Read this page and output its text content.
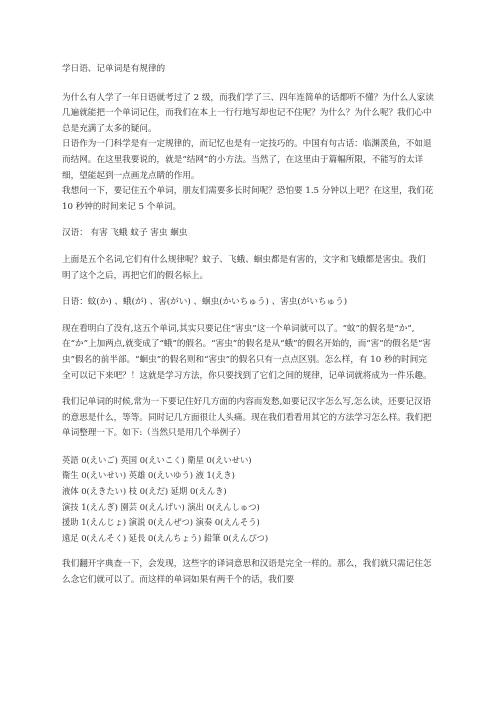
学日语、记单词是有规律的

为什么有人学了一年日语就考过了 2 级，而我们学了三、四年连简单的话都听不懂？为什么人家读几遍就能把一个单词记住，而我们在本上一行行地写却也记不住呢？为什么？为什么呢？我们心中总是充满了太多的疑问。

日语作为一门科学是有一定规律的，而记忆也是有一定技巧的。中国有句古话：临渊羡鱼，不如退而结网。在这里我要说的，就是“结网”的小方法。当然了，在这里由于篇幅所限，不能写的太详细，望能起到一点画龙点睛的作用。

我想问一下，要记住五个单词，朋友们需要多长时间呢？恐怕要 1.5 分钟以上吧？在这里，我们花 10 秒钟的时间来记 5 个单词。

汉语： 有害 飞蛾 蚊子 害虫 蛔虫

上面是五个名词,它们有什么规律呢？蚊子、飞蛾、蛔虫都是有害的，文字和飞蛾都是害虫。我们明了这个之后，再把它们的假名标上。

日语：蚊(か) 、蛾(が) 、害(がい) 、蛔虫(かいちゅう) 、害虫(がいちゅう)

现在看明白了没有,这五个单词,其实只要记住“害虫”这一个单词就可以了。“蚊”的假名是“か”,在“か”上加两点,就变成了“蛾”的假名。“害虫”的假名是从“蛾”的假名开始的，而“害”的假名是“害虫”假名的前半部。“蛔虫”的假名则和“害虫”的假名只有一点点区别。怎么样，有 10 秒的时间完全可以记下来吧？！这就是学习方法，你只要找到了它们之间的规律，记单词就将成为一件乐趣。

我们记单词的时候,常为一下要记住好几方面的内容而发愁,如要记汉字怎么写,怎么读，还要记汉语的意思是什么，等等。同时记几方面很让人头痛。现在我们看看用其它的方法学习怎么样。我们把单词整理一下。如下:（当然只是用几个举例子）

英語 0(えいご) 英国 0(えいこく) 衛星 0(えいせい)

衛生 0(えいせい) 英雄 0(えいゆう) 液 1(えき)

液体 0(えきたい) 枝 0(えだ) 延期 0(えんき)

演技 1(えんぎ) 園芸 0(えんげい) 演出 0(えんしゅつ)

援助 1(えんじょ) 演説 0(えんぜつ) 演奏 0(えんそう)

遠足 0(えんそく) 延長 0(えんちょう) 鉛筆 0(えんぴつ)

我们翻开字典查一下，会发现，这些字的译词意思和汉语是完全一样的。那么，我们就只需记住怎么念它们就可以了。而这样的单词如果有两千个的话，我们要
